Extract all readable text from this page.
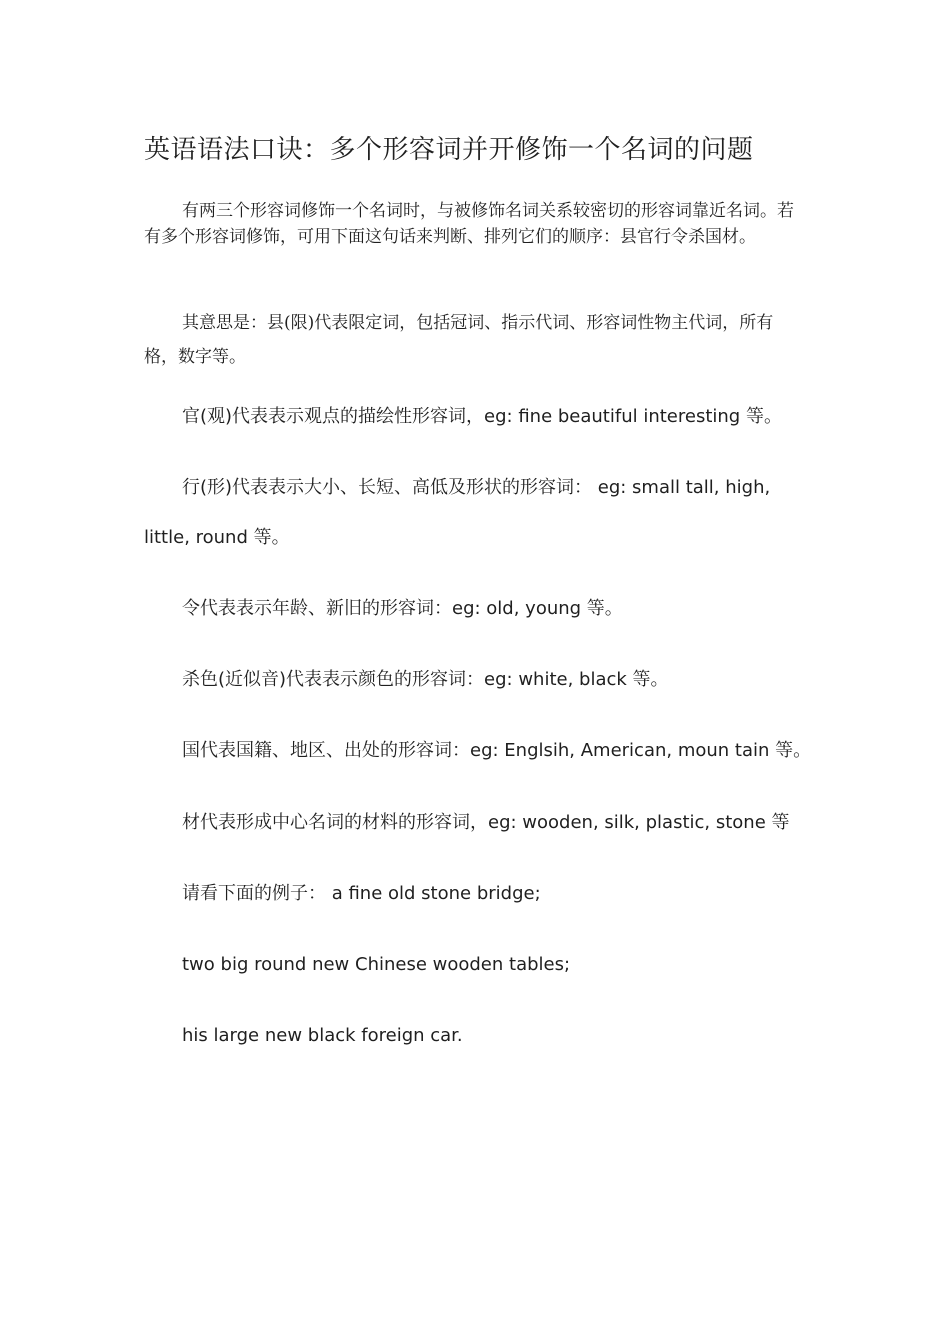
英语语法口诀：多个形容词并开修饰一个名词的问题

有两三个形容词修饰一个名词时，与被修饰名词关系较密切的形容词靠近名词。若有多个形容词修饰，可用下面这句话来判断、排列它们的顺序：县官行令杀国材。

其意思是：县(限)代表限定词，包括冠词、指示代词、形容词性物主代词，所有格，数字等。

官(观)代表表示观点的描绘性形容词，eg: fine beautiful interesting 等。

行(形)代表表示大小、长短、高低及形状的形容词： eg: small tall, high,

little, round 等。

令代表表示年龄、新旧的形容词：eg: old, young 等。

杀色(近似音)代表表示颜色的形容词：eg: white, black 等。

国代表国籍、地区、出处的形容词：eg: Englsih, American, moun tain 等。

材代表形成中心名词的材料的形容词，eg: wooden, silk, plastic, stone 等

请看下面的例子： a fine old stone bridge;

two big round new Chinese wooden tables;

his large new black foreign car.
